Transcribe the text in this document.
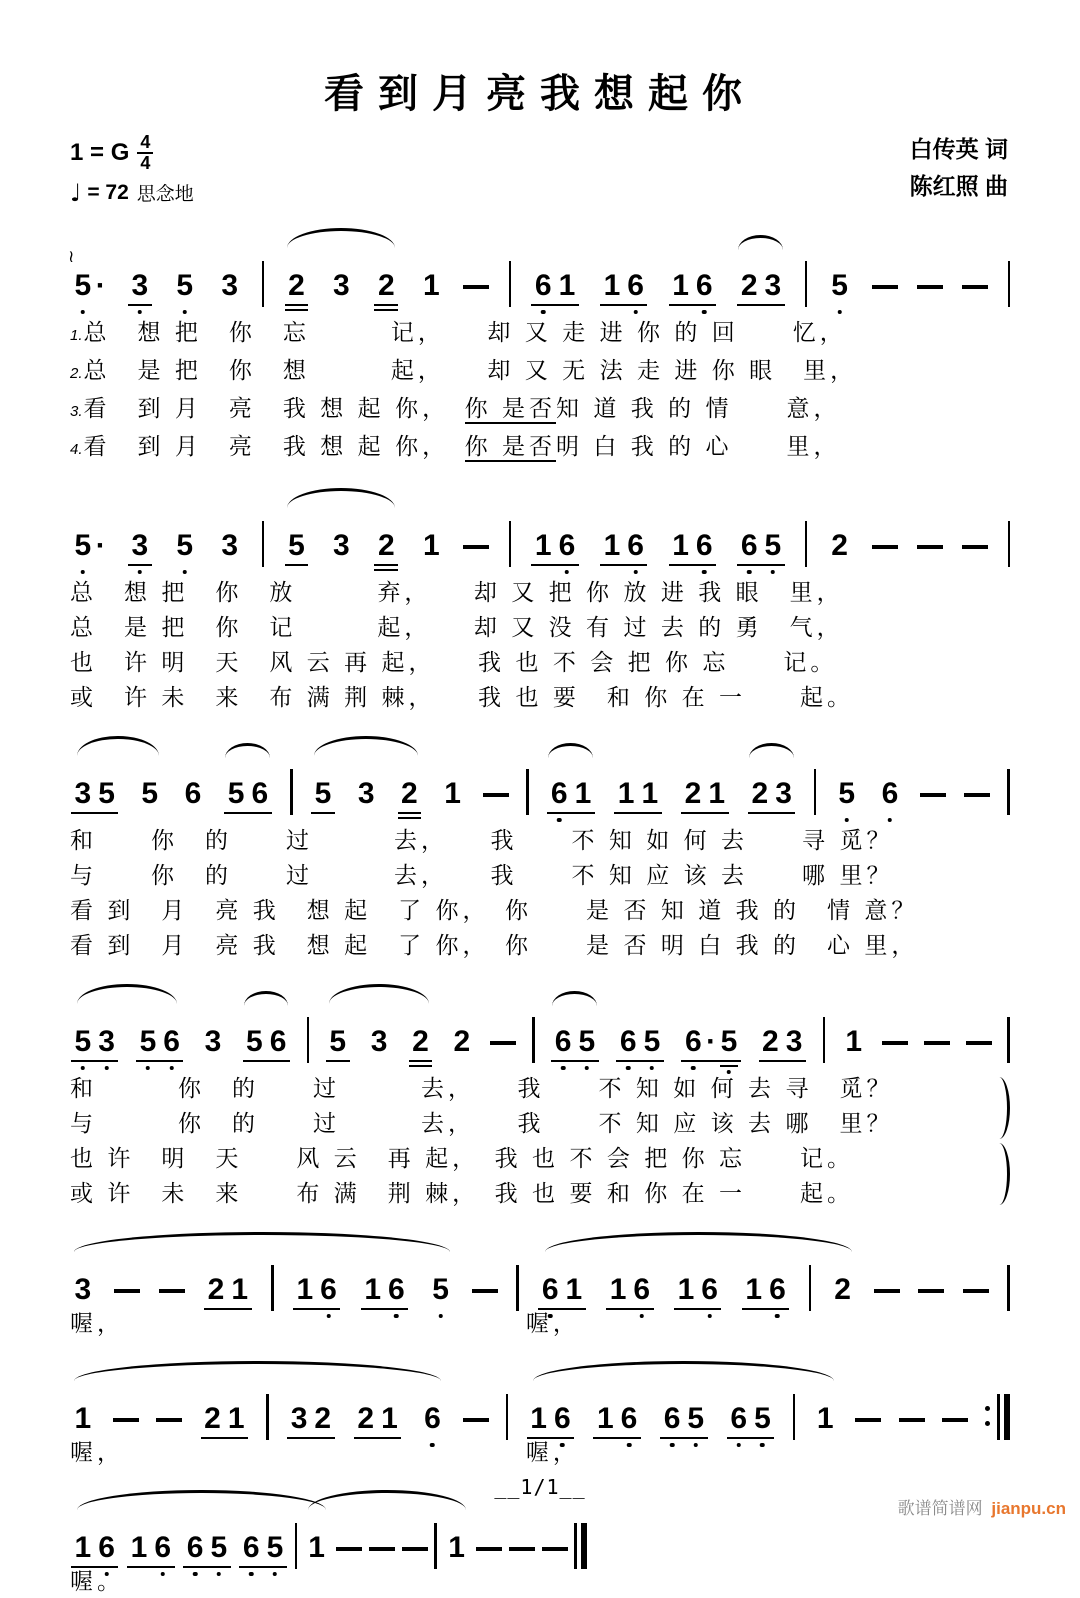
看到月亮我想起你
1 = G $\frac{4}{4}$
♩ = 72 思念地
白传英 词
陈红照 曲
≀
5 · 3 5 3 2 3 2 1	6 1 1 6 1 6 2 3 5
1.总　想 把　你　忘　　　记，　　却 又 走 进 你 的 回　　忆，
2.总　是 把　你　想　　　起，　　却 又 无 法 走 进 你 眼　里，
3.看　到 月　亮　我 想 起 你，　你 是否知 道 我 的 情　　意，
4.看　到 月　亮　我 想 起 你，　你 是否明 白 我 的 心　　里，
5 · 3 5 3 5 3 2 1	1 6 1 6 1 6 6 5 2
总　想 把　你　放　　　弃，　　却 又 把 你 放 进 我 眼　里，
总　是 把　你　记　　　起，　　却 又 没 有 过 去 的 勇　气，
也　许 明　天　风 云 再 起，　　我 也 不 会 把 你 忘　　记。
或　许 未　来　布 满 荆 棘，　　我 也 要　和 你 在 一　　起。
3 5 5 6 5 6 5 3 2 1	6 1 1 1 2 1 2 3 5 6
和　　你　的　　过　　　去，　　我　　不 知 如 何 去　　寻 觅？
与　　你　的　　过　　　去，　　我　　不 知 应 该 去　　哪 里？
看 到　月　亮 我　想 起　了 你，　你　　是 否 知 道 我 的　情 意？
看 到　月　亮 我　想 起　了 你，　你　　是 否 明 白 我 的　心 里，
5 3 5 6 3 5 6 5 3 2 2	6 5 6 5 6 · 5 2 3 1
和　　　你　的　　过　　　去，　　我　　不 知 如 何 去 寻　觅？
与　　　你　的　　过　　　去，　　我　　不 知 应 该 去 哪　里？
也 许　明　天　　风 云　再 起，　我 也 不 会 把 你 忘　　记。
或 许　未　来　　布 满　荆 棘，　我 也 要 和 你 在 一　　起。
3	2 1 1 6 1 6 5	6 1 1 6 1 6 1 6 2
喔，	喔，
1	2 1 3 2 2 1 6	1 6 1 6 6 5 6 5 1
喔，	喔，
1 6 1 6 6 5 6 5 1	1
喔。
__1/1__
歌谱简谱网 jianpu.cn
